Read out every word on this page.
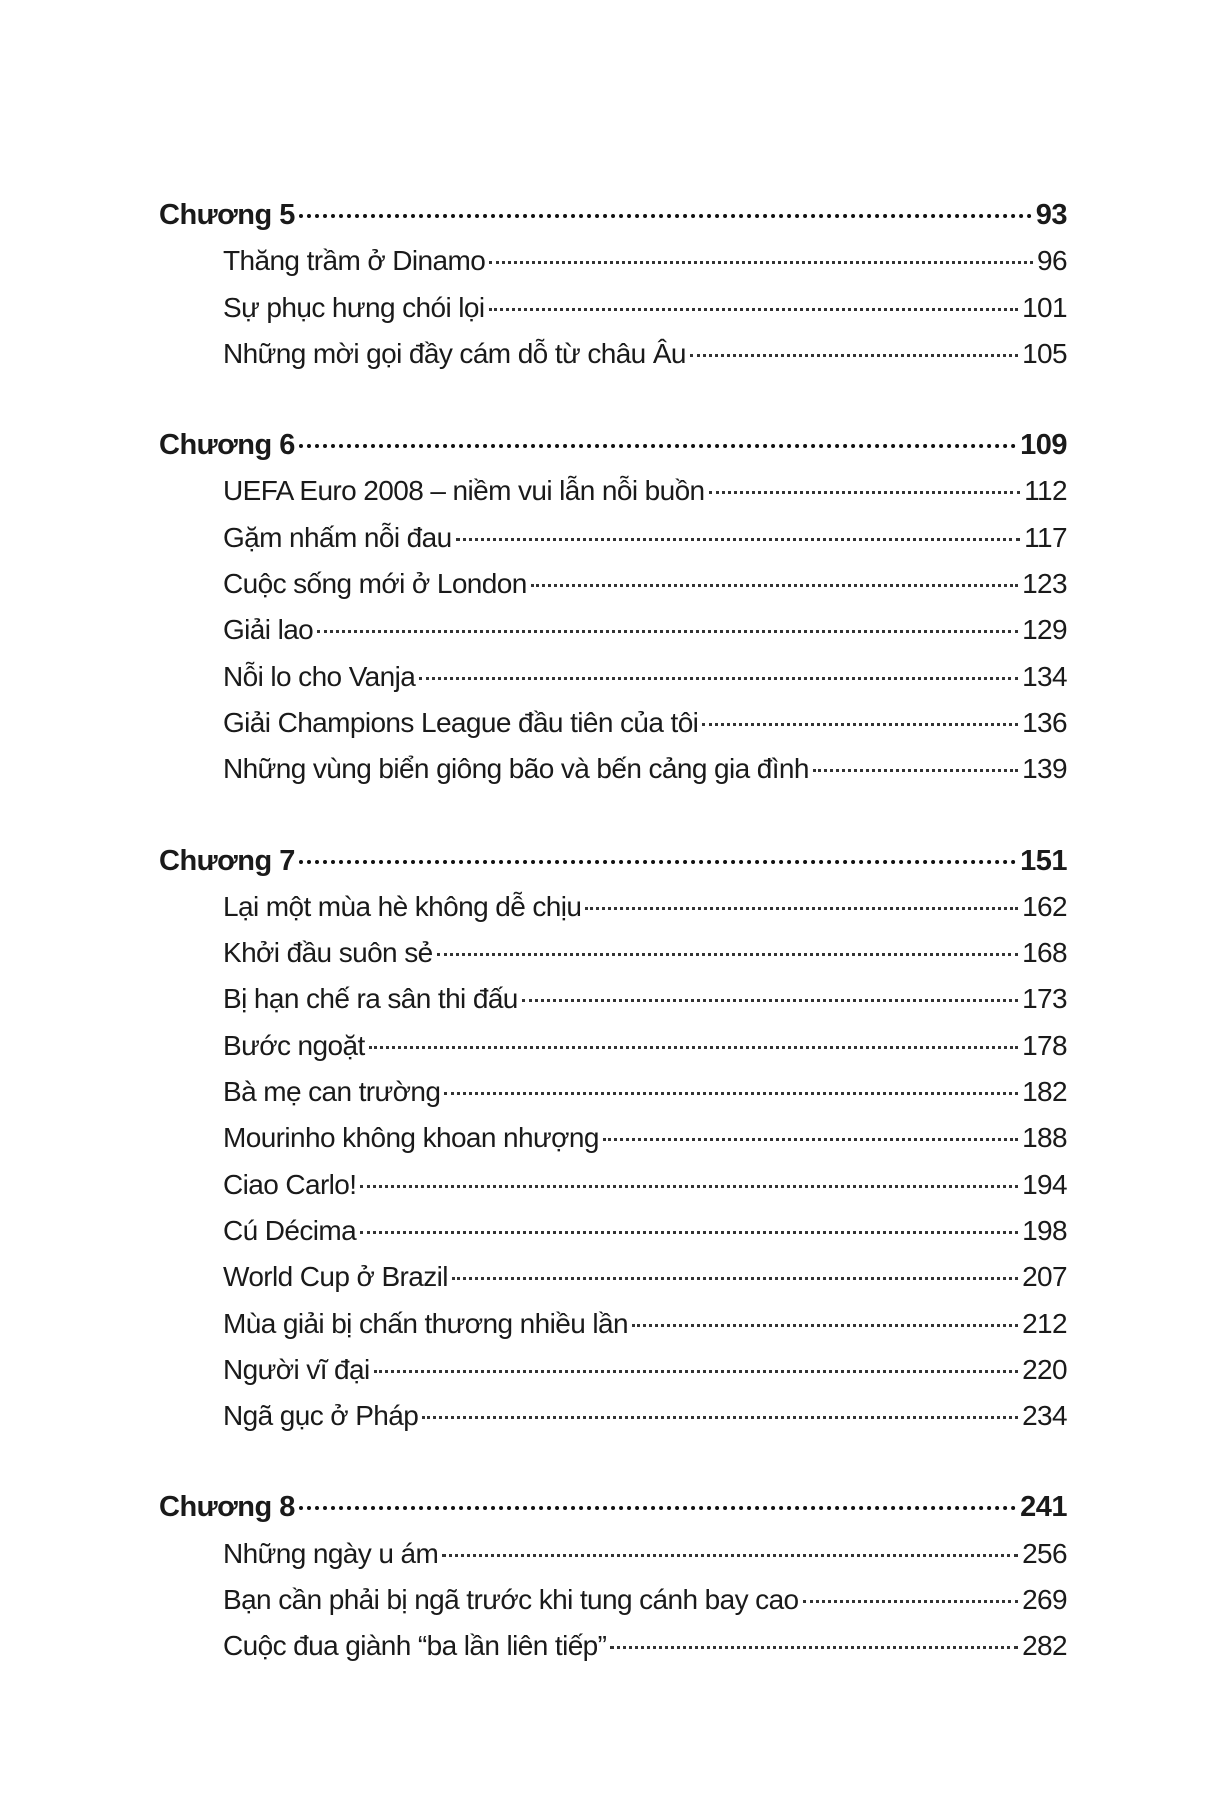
Chương 5	93
Thăng trầm ở Dinamo	96
Sự phục hưng chói lọi	101
Những mời gọi đầy cám dỗ từ châu Âu	105
Chương 6	109
UEFA Euro 2008 – niềm vui lẫn nỗi buồn	112
Gặm nhấm nỗi đau	117
Cuộc sống mới ở London	123
Giải lao	129
Nỗi lo cho Vanja	134
Giải Champions League đầu tiên của tôi	136
Những vùng biển giông bão và bến cảng gia đình	139
Chương 7	151
Lại một mùa hè không dễ chịu	162
Khởi đầu suôn sẻ	168
Bị hạn chế ra sân thi đấu	173
Bước ngoặt	178
Bà mẹ can trường	182
Mourinho không khoan nhượng	188
Ciao Carlo!	194
Cú Décima	198
World Cup ở Brazil	207
Mùa giải bị chấn thương nhiều lần	212
Người vĩ đại	220
Ngã gục ở Pháp	234
Chương 8	241
Những ngày u ám	256
Bạn cần phải bị ngã trước khi tung cánh bay cao	269
Cuộc đua giành “ba lần liên tiếp”	282
